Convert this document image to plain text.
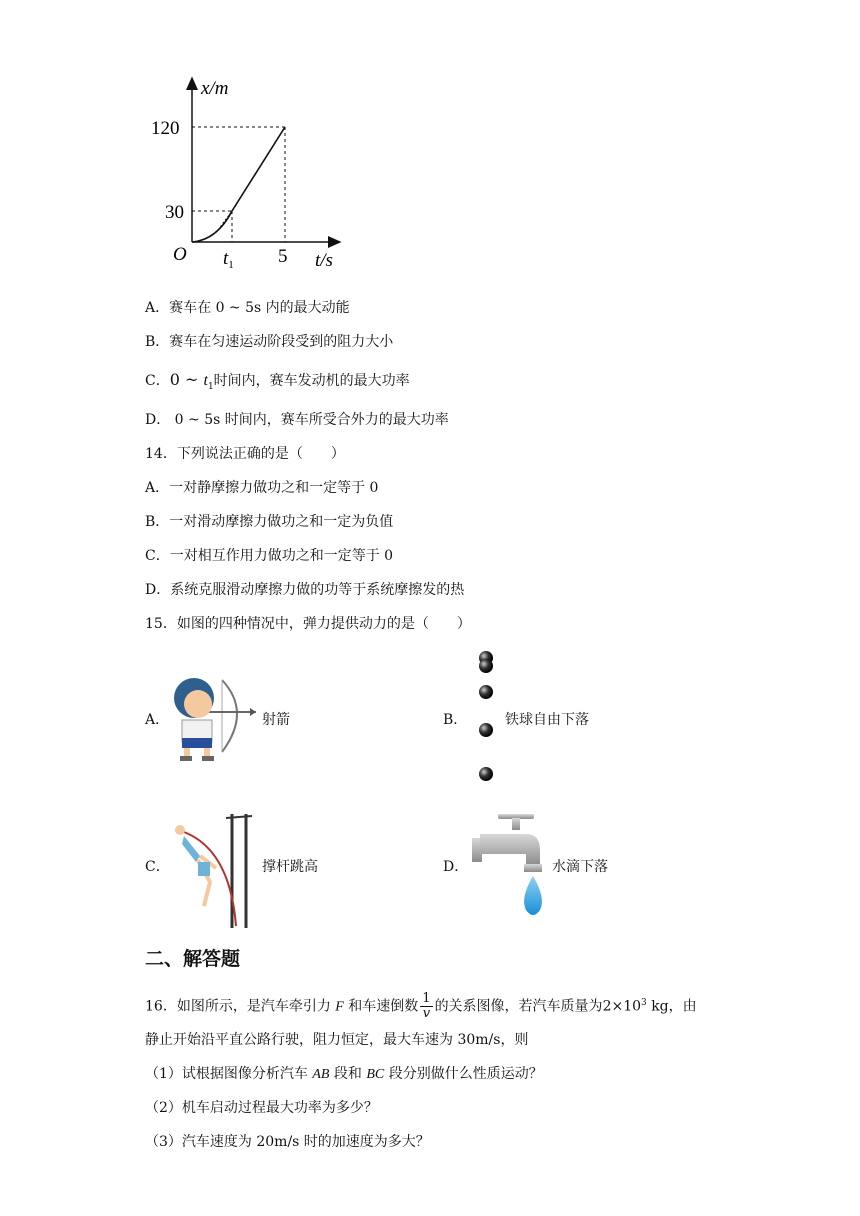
x/m
120
30
O $t_1$ 5 t/s
A．赛车在 0 ~ 5s 内的最大动能
B．赛车在匀速运动阶段受到的阻力大小
C．0 ~ $t_1$时间内，赛车发动机的最大功率
D． 0 ~ 5s 时间内，赛车所受合外力的最大功率
14．下列说法正确的是（　　）
A．一对静摩擦力做功之和一定等于 0
B．一对滑动摩擦力做功之和一定为负值
C．一对相互作用力做功之和一定等于 0
D．系统克服滑动摩擦力做的功等于系统摩擦发的热
15．如图的四种情况中，弹力提供动力的是（　　）
A．	射箭	B．	铁球自由下落
C．	撑杆跳高	D．	水滴下落
二、解答题
16．如图所示，是汽车牵引力 F 和车速倒数 $\frac{1}{v}$ 的关系图像，若汽车质量为$2\times 10^3$ kg，由
静止开始沿平直公路行驶，阻力恒定，最大车速为 30m/s，则
（1）试根据图像分析汽车 AB 段和 BC 段分别做什么性质运动？
（2）机车启动过程最大功率为多少？
（3）汽车速度为 20m/s 时的加速度为多大？
